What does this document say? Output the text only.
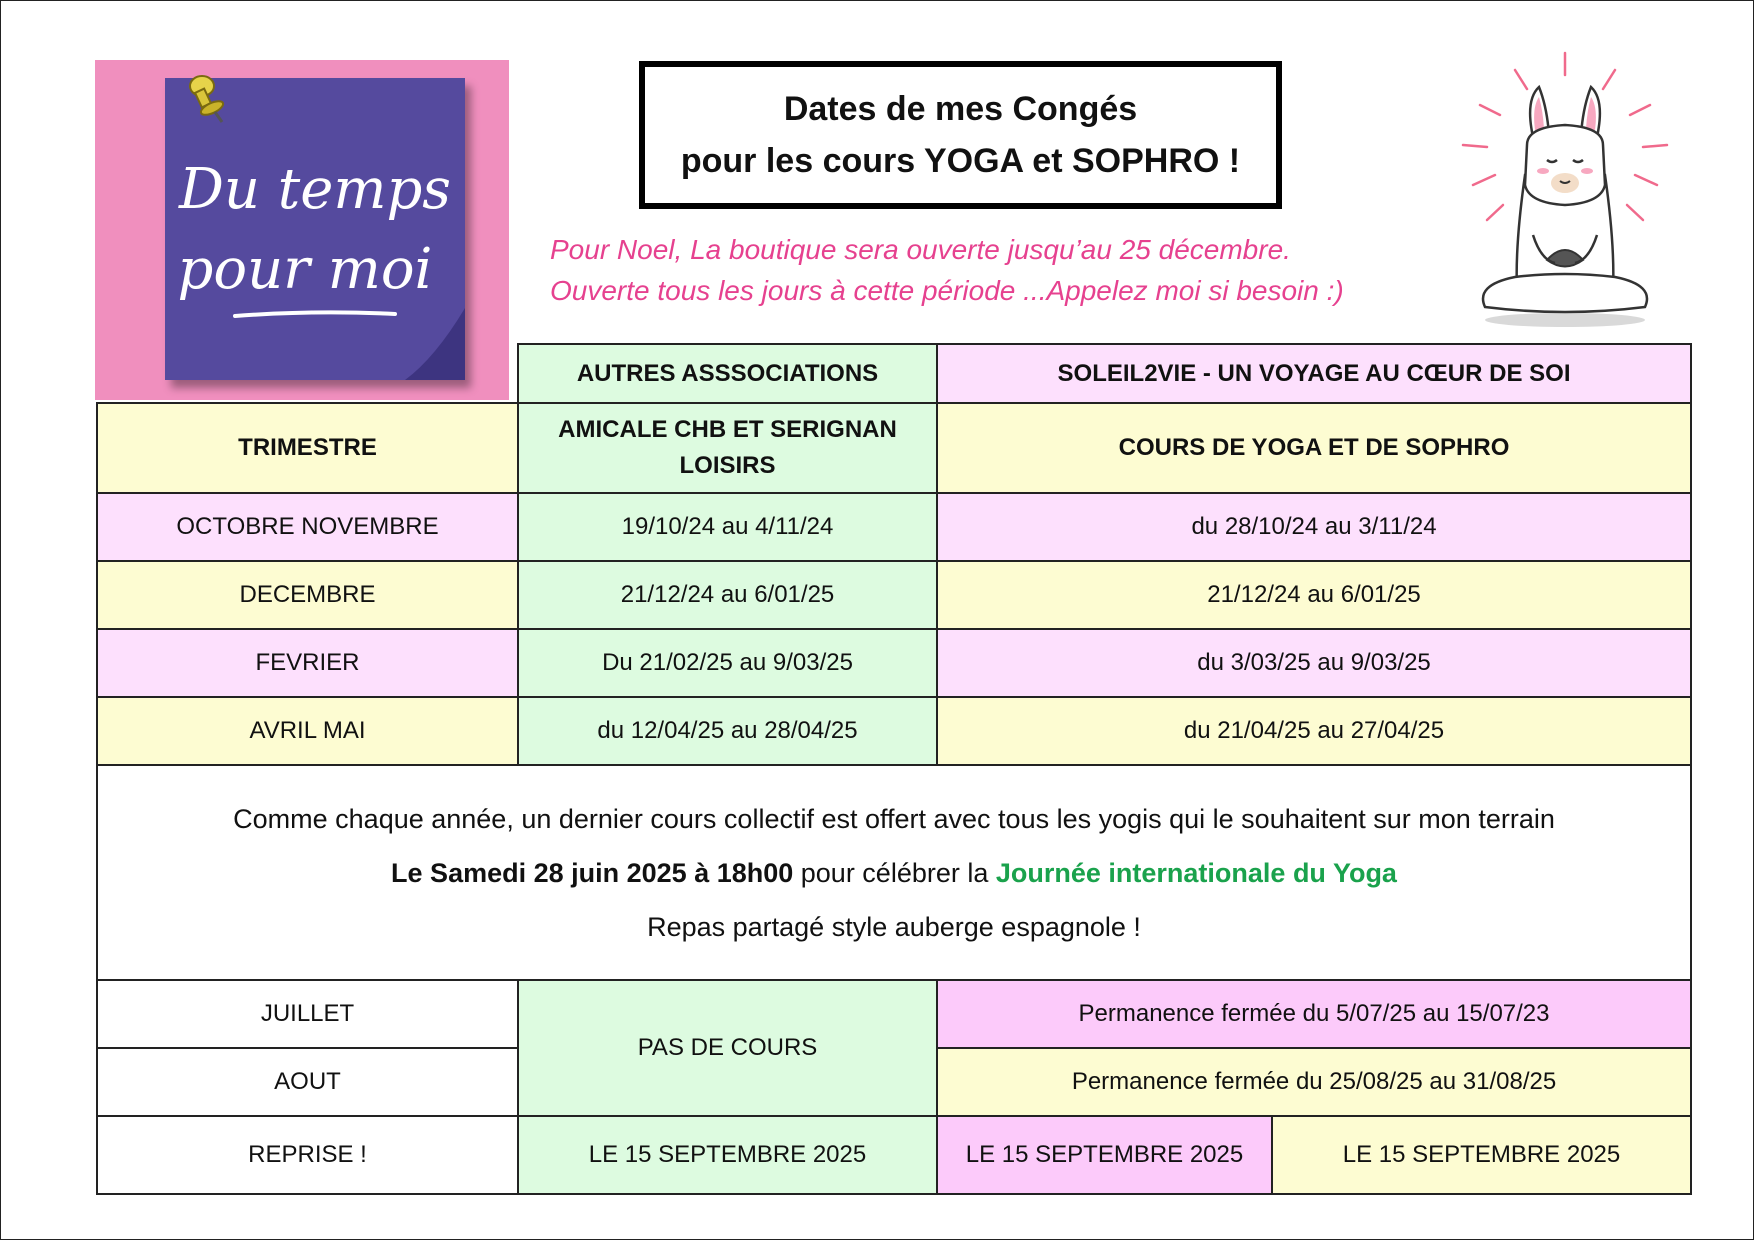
Du temps
pour moi
Dates de mes Congés
pour les cours YOGA et SOPHRO !
Pour Noel, La boutique sera ouverte jusqu’au 25 décembre.
Ouverte tous les jours à cette période ...Appelez moi si besoin :)
	AUTRES ASSSOCIATIONS	SOLEIL2VIE - UN VOYAGE AU CŒUR DE SOI	
TRIMESTRE	AMICALE CHB ET SERIGNAN LOISIRS	COURS DE YOGA ET DE SOPHRO	
OCTOBRE NOVEMBRE	19/10/24 au 4/11/24	du 28/10/24 au 3/11/24	
DECEMBRE	21/12/24 au 6/01/25	21/12/24 au 6/01/25	
FEVRIER	Du 21/02/25 au 9/03/25	du 3/03/25 au 9/03/25	
AVRIL MAI	du 12/04/25 au 28/04/25	du 21/04/25 au 27/04/25	

Comme chaque année, un dernier cours collectif est offert avec tous les yogis qui le souhaitent sur mon terrain
Le Samedi 28 juin 2025 à 18h00 pour célébrer la Journée internationale du Yoga
Repas partagé style auberge espagnole !			

JUILLET	PAS DE COURS	Permanence fermée du 5/07/25 au 15/07/23	
AOUT		Permanence fermée du 25/08/25 au 31/08/25	
REPRISE !	LE 15 SEPTEMBRE 2025	LE 15 SEPTEMBRE 2025	LE 15 SEPTEMBRE 2025
